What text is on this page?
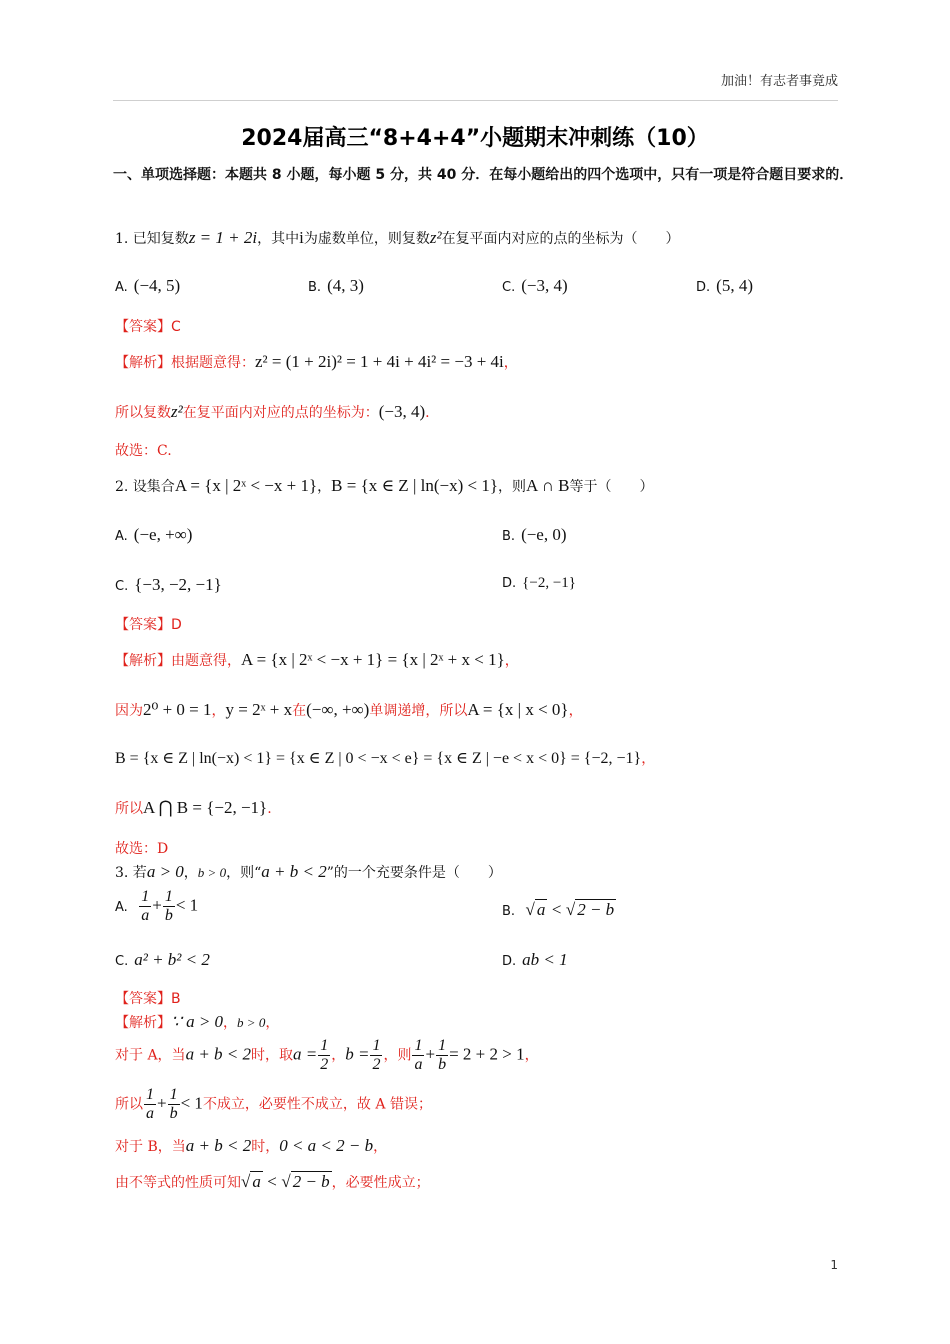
加油！有志者事竟成
2024届高三“8+4+4”小题期末冲刺练（10）
一、单项选择题：本题共 8 小题，每小题 5 分，共 40 分．在每小题给出的四个选项中，只有一项是符合题目要求的．
1. 已知复数z = 1 + 2i，其中i为虚数单位，则复数z²在复平面内对应的点的坐标为（　　）
A. (−4, 5)	B. (4, 3)	C. (−3, 4)	D. (5, 4)
【答案】C
【解析】根据题意得：z² = (1 + 2i)² = 1 + 4i + 4i² = −3 + 4i，
所以复数z²在复平面内对应的点的坐标为：(−3, 4).
故选：C.
2. 设集合A = {x | 2ˣ < −x + 1}，B = {x ∈ Z | ln(−x) < 1}，则A ∩ B等于（　　）
A. (−e, +∞)	B. (−e, 0)
C. {−3, −2, −1}	D. {−2, −1}
【答案】D
【解析】由题意得，A = {x | 2ˣ < −x + 1} = {x | 2ˣ + x < 1}，
因为2⁰ + 0 = 1，y = 2ˣ + x在(−∞, +∞)单调递增，所以A = {x | x < 0}，
B = {x ∈ Z | ln(−x) < 1} = {x ∈ Z | 0 < −x < e} = {x ∈ Z | −e < x < 0} = {−2, −1}，
所以A ⋂ B = {−2, −1}.
故选：D
3. 若a > 0，b > 0，则“a + b < 2”的一个充要条件是（　　）
A. $\frac{1}{a} + \frac{1}{b} < 1$	B. √ a < √ 2 − b
C. a² + b² < 2	D. ab < 1
【答案】B
【解析】∵ a > 0，b > 0，
对于 A，当a + b < 2时，取$a = \frac{1}{2}$ ，$b = \frac{1}{2}$ ，则 $\frac{1}{a} + \frac{1}{b} = 2 + 2 > 1$，
所以 $\frac{1}{a} + \frac{1}{b} < 1$不成立，必要性不成立，故 A 错误；
对于 B，当a + b < 2时，0 < a < 2 − b，
由不等式的性质可知√ a < √ 2 − b ，必要性成立；
1
